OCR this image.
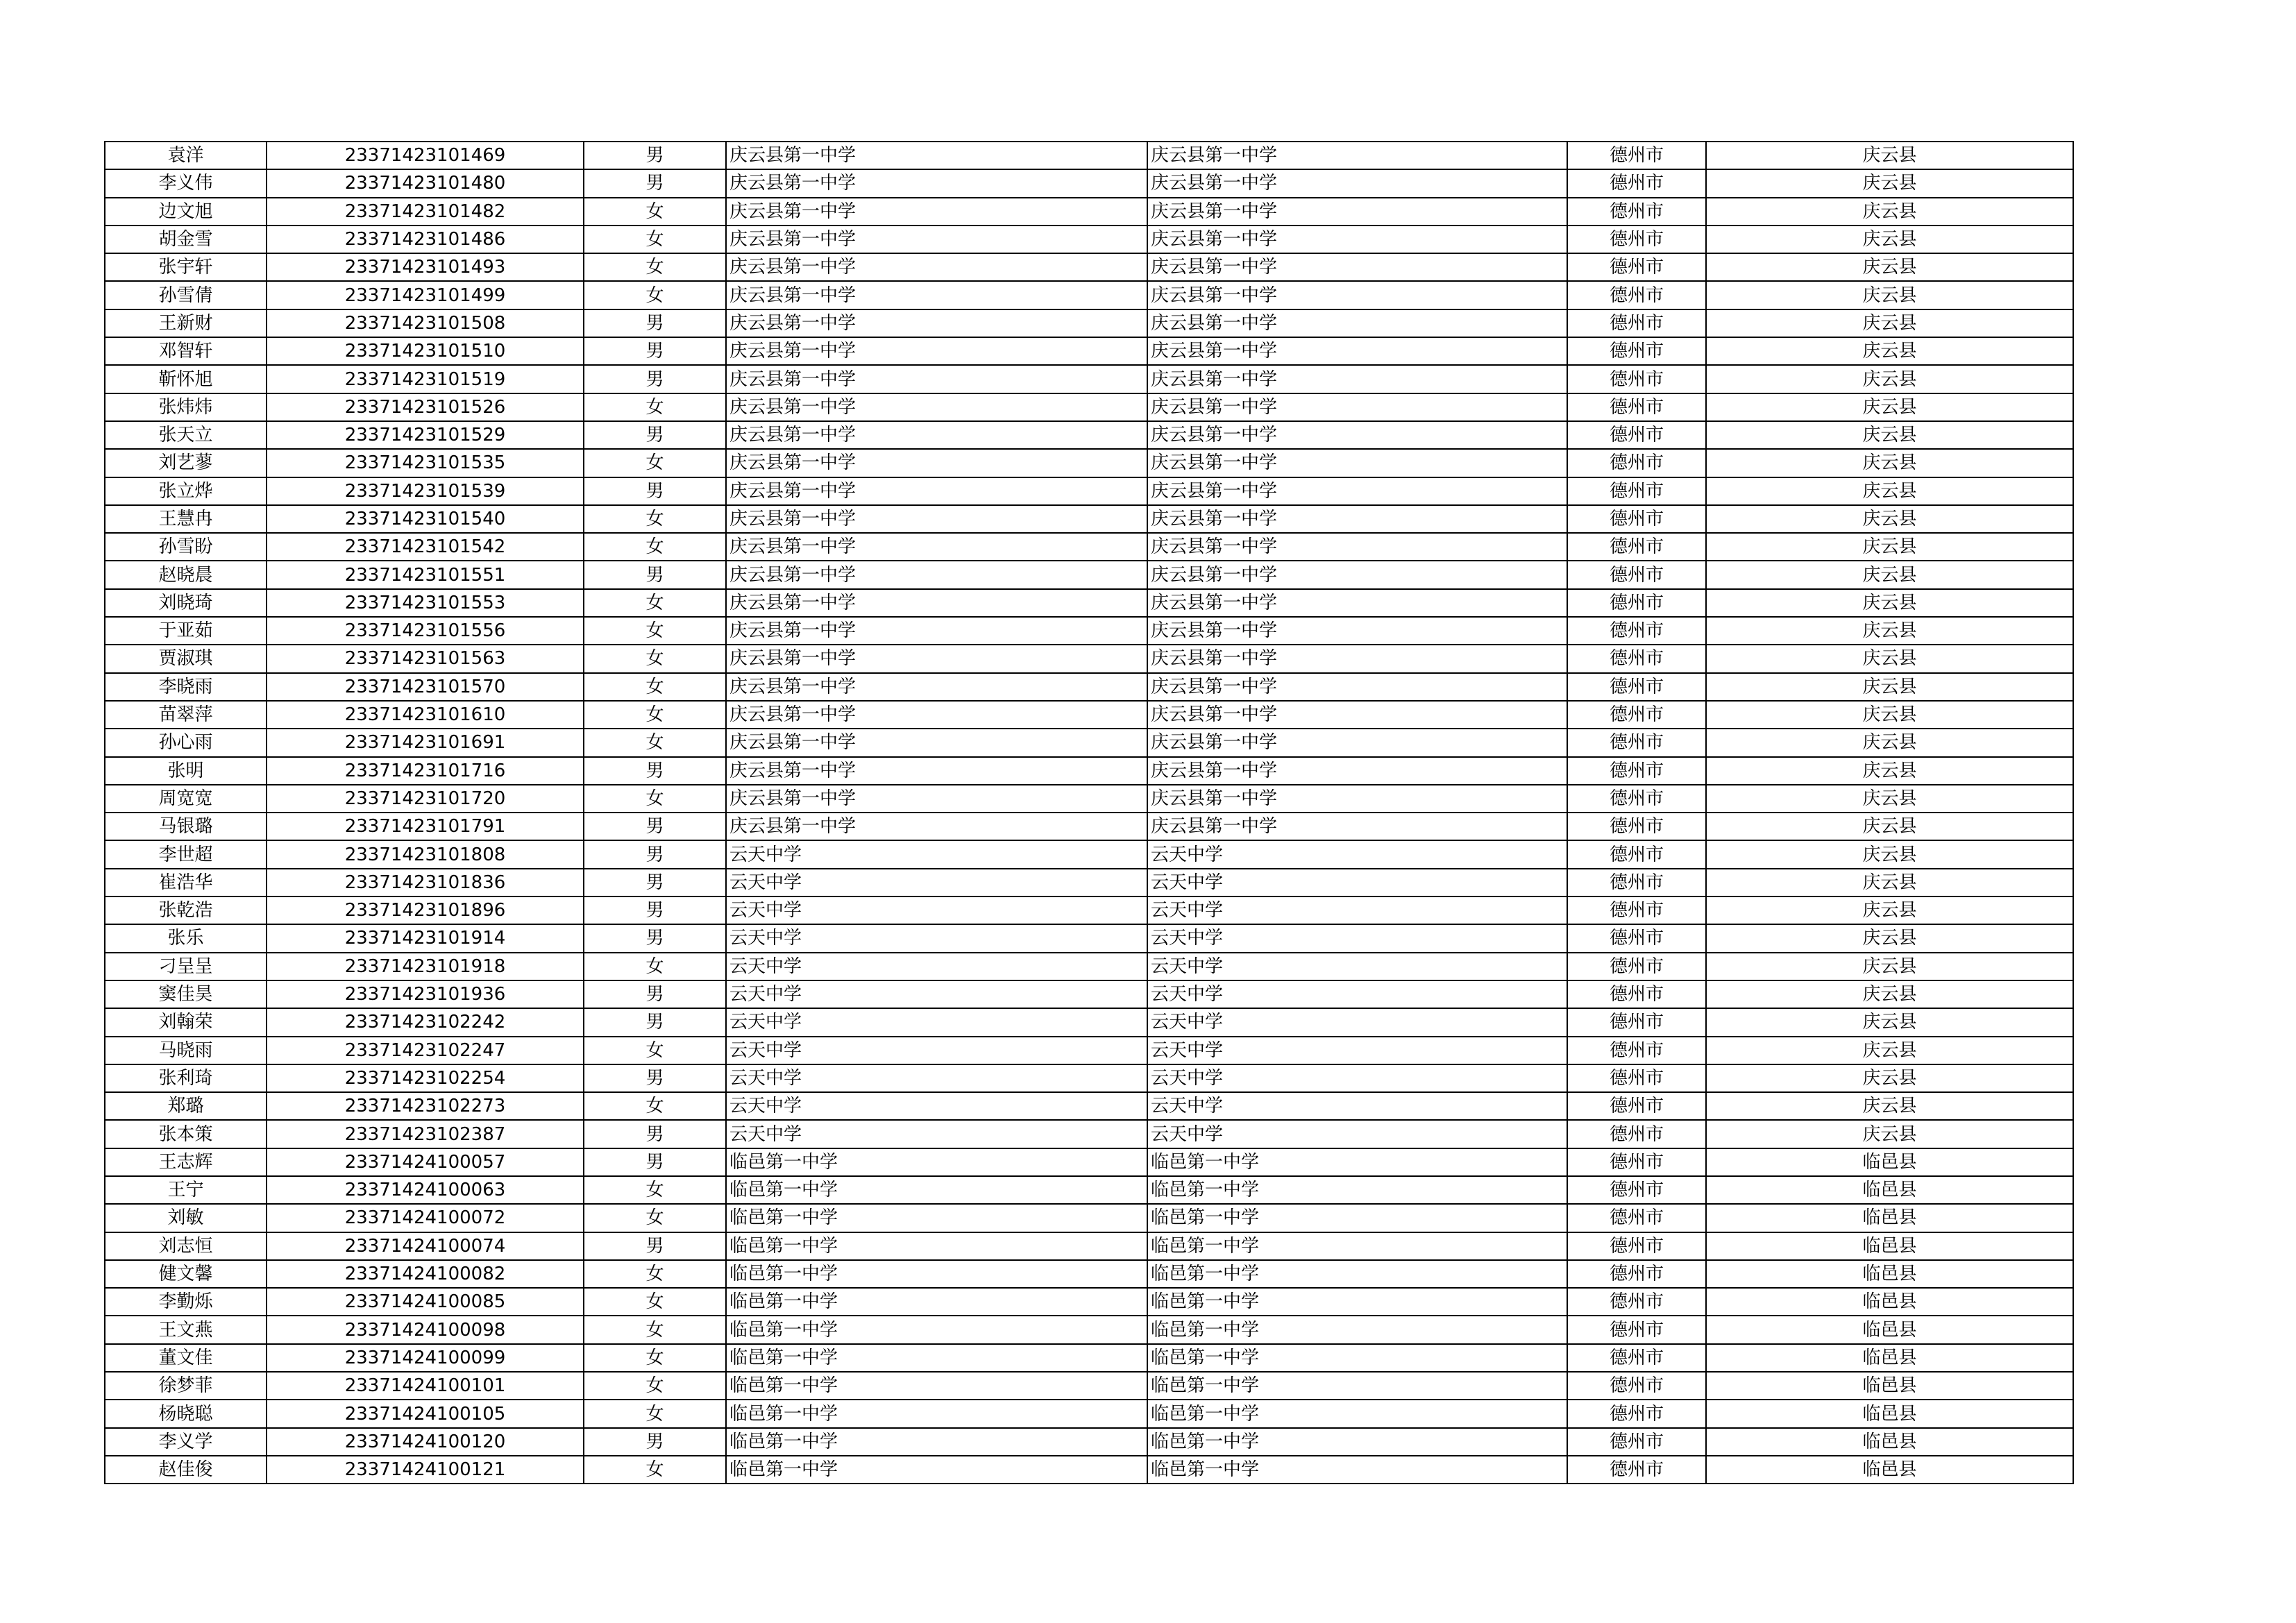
袁洋	23371423101469	男	庆云县第一中学	庆云县第一中学	德州市	庆云县
李义伟	23371423101480	男	庆云县第一中学	庆云县第一中学	德州市	庆云县
边文旭	23371423101482	女	庆云县第一中学	庆云县第一中学	德州市	庆云县
胡金雪	23371423101486	女	庆云县第一中学	庆云县第一中学	德州市	庆云县
张宇轩	23371423101493	女	庆云县第一中学	庆云县第一中学	德州市	庆云县
孙雪倩	23371423101499	女	庆云县第一中学	庆云县第一中学	德州市	庆云县
王新财	23371423101508	男	庆云县第一中学	庆云县第一中学	德州市	庆云县
邓智轩	23371423101510	男	庆云县第一中学	庆云县第一中学	德州市	庆云县
靳怀旭	23371423101519	男	庆云县第一中学	庆云县第一中学	德州市	庆云县
张炜炜	23371423101526	女	庆云县第一中学	庆云县第一中学	德州市	庆云县
张天立	23371423101529	男	庆云县第一中学	庆云县第一中学	德州市	庆云县
刘艺蓼	23371423101535	女	庆云县第一中学	庆云县第一中学	德州市	庆云县
张立烨	23371423101539	男	庆云县第一中学	庆云县第一中学	德州市	庆云县
王慧冉	23371423101540	女	庆云县第一中学	庆云县第一中学	德州市	庆云县
孙雪盼	23371423101542	女	庆云县第一中学	庆云县第一中学	德州市	庆云县
赵晓晨	23371423101551	男	庆云县第一中学	庆云县第一中学	德州市	庆云县
刘晓琦	23371423101553	女	庆云县第一中学	庆云县第一中学	德州市	庆云县
于亚茹	23371423101556	女	庆云县第一中学	庆云县第一中学	德州市	庆云县
贾淑琪	23371423101563	女	庆云县第一中学	庆云县第一中学	德州市	庆云县
李晓雨	23371423101570	女	庆云县第一中学	庆云县第一中学	德州市	庆云县
苗翠萍	23371423101610	女	庆云县第一中学	庆云县第一中学	德州市	庆云县
孙心雨	23371423101691	女	庆云县第一中学	庆云县第一中学	德州市	庆云县
张明	23371423101716	男	庆云县第一中学	庆云县第一中学	德州市	庆云县
周宽宽	23371423101720	女	庆云县第一中学	庆云县第一中学	德州市	庆云县
马银璐	23371423101791	男	庆云县第一中学	庆云县第一中学	德州市	庆云县
李世超	23371423101808	男	云天中学	云天中学	德州市	庆云县
崔浩华	23371423101836	男	云天中学	云天中学	德州市	庆云县
张乾浩	23371423101896	男	云天中学	云天中学	德州市	庆云县
张乐	23371423101914	男	云天中学	云天中学	德州市	庆云县
刁呈呈	23371423101918	女	云天中学	云天中学	德州市	庆云县
窦佳昊	23371423101936	男	云天中学	云天中学	德州市	庆云县
刘翰荣	23371423102242	男	云天中学	云天中学	德州市	庆云县
马晓雨	23371423102247	女	云天中学	云天中学	德州市	庆云县
张利琦	23371423102254	男	云天中学	云天中学	德州市	庆云县
郑璐	23371423102273	女	云天中学	云天中学	德州市	庆云县
张本策	23371423102387	男	云天中学	云天中学	德州市	庆云县
王志辉	23371424100057	男	临邑第一中学	临邑第一中学	德州市	临邑县
王宁	23371424100063	女	临邑第一中学	临邑第一中学	德州市	临邑县
刘敏	23371424100072	女	临邑第一中学	临邑第一中学	德州市	临邑县
刘志恒	23371424100074	男	临邑第一中学	临邑第一中学	德州市	临邑县
健文馨	23371424100082	女	临邑第一中学	临邑第一中学	德州市	临邑县
李勤烁	23371424100085	女	临邑第一中学	临邑第一中学	德州市	临邑县
王文燕	23371424100098	女	临邑第一中学	临邑第一中学	德州市	临邑县
董文佳	23371424100099	女	临邑第一中学	临邑第一中学	德州市	临邑县
徐梦菲	23371424100101	女	临邑第一中学	临邑第一中学	德州市	临邑县
杨晓聪	23371424100105	女	临邑第一中学	临邑第一中学	德州市	临邑县
李义学	23371424100120	男	临邑第一中学	临邑第一中学	德州市	临邑县
赵佳俊	23371424100121	女	临邑第一中学	临邑第一中学	德州市	临邑县
